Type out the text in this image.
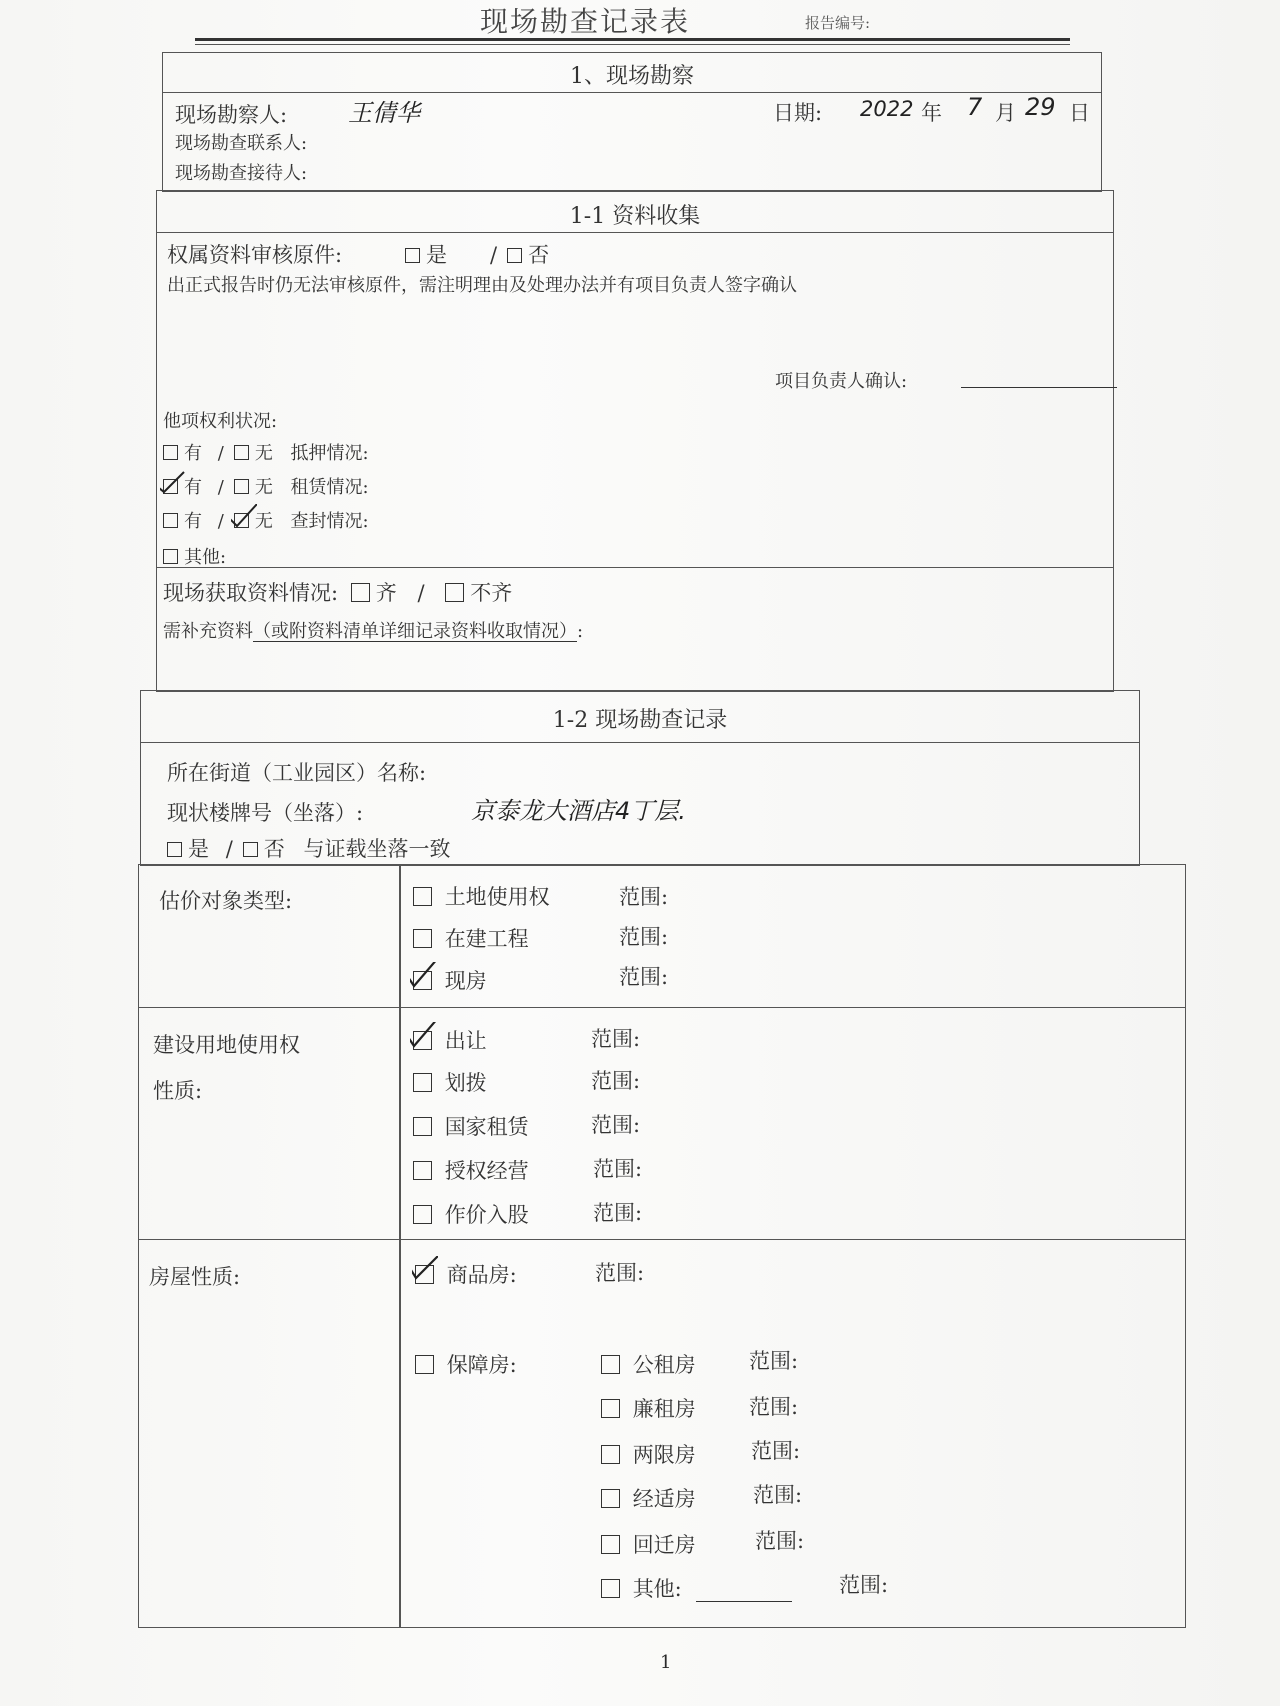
现场勘查记录表	报告编号:
1、现场勘察
现场勘察人:	王倩华
现场勘查联系人:
现场勘查接待人:
日期: 2022 年 7 月 29 日
1-1 资料收集
权属资料审核原件:	是 / 否
出正式报告时仍无法审核原件，需注明理由及处理办法并有项目负责人签字确认
项目负责人确认:
他项权利状况:
有 / 无 抵押情况:
有 / 无 租赁情况:
有 / 无 查封情况:
其他:
现场获取资料情况: 齐 / 不齐
需补充资料（或附资料清单详细记录资料收取情况）:
1-2 现场勘查记录
所在街道（工业园区）名称:
现状楼牌号（坐落）:	京泰龙大酒店4丁层.
是 / 否 与证载坐落一致
估价对象类型:	土地使用权	范围:
在建工程	范围:
现房	范围:
建设用地使用权
性质:
出让	范围:
划拨	范围:
国家租赁	范围:
授权经营	范围:
作价入股	范围:
房屋性质:	商品房:	范围:
保障房:	公租房	范围:
廉租房	范围:
两限房	范围:
经适房	范围:
回迁房	范围:
其他:	范围:
1
